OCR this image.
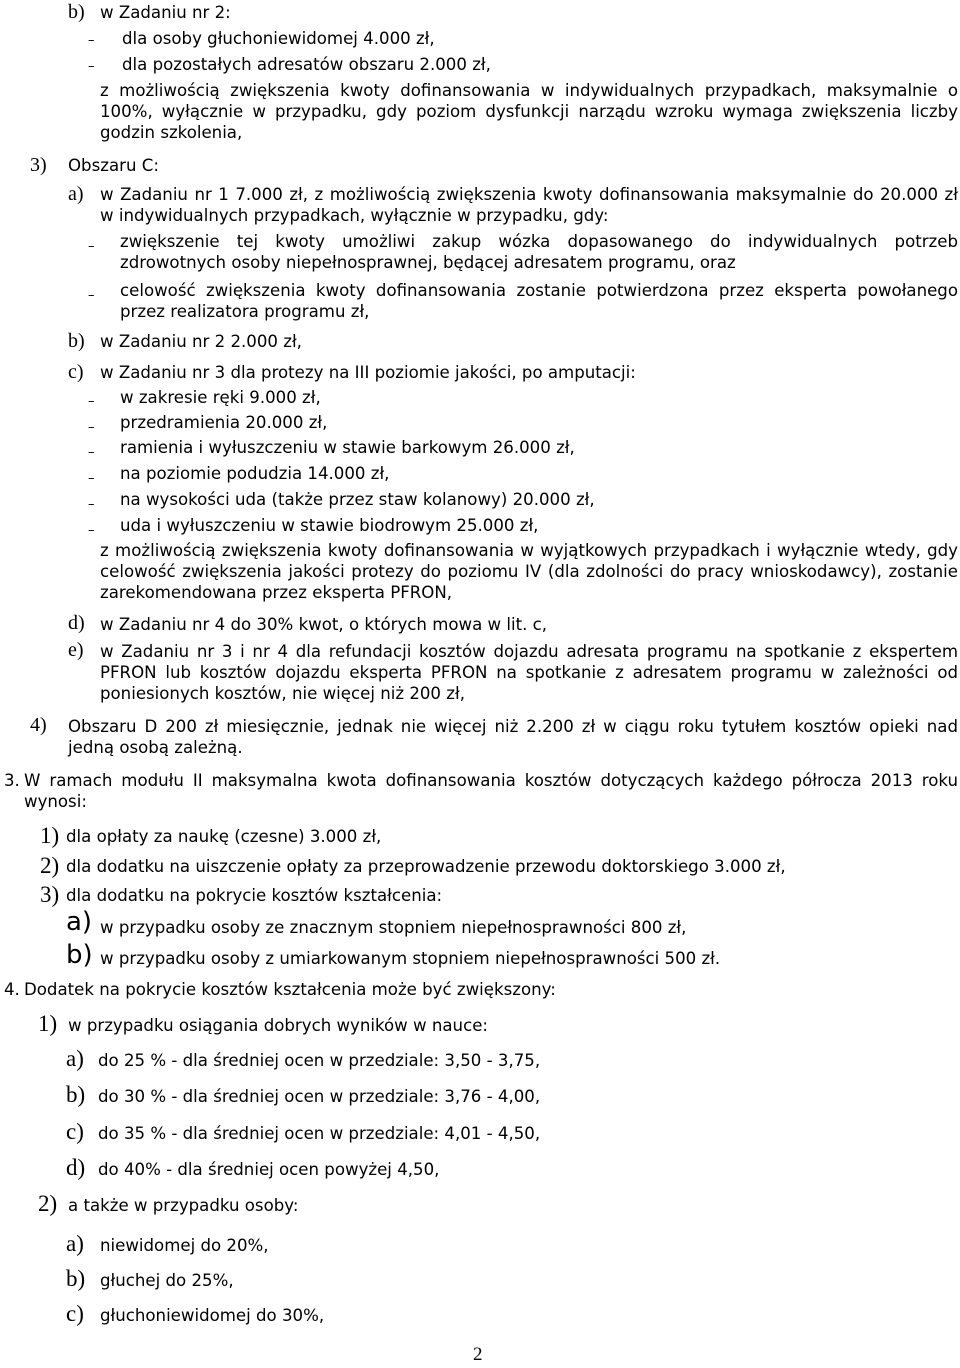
b) w Zadaniu nr 2:
– dla osoby głuchoniewidomej 4.000 zł,
– dla pozostałych adresatów obszaru 2.000 zł,
z możliwością zwiększenia kwoty dofinansowania w indywidualnych przypadkach, maksymalnie o 100%, wyłącznie w przypadku, gdy poziom dysfunkcji narządu wzroku wymaga zwiększenia liczby godzin szkolenia,
3) Obszaru C:
a) w Zadaniu nr 1 7.000 zł, z możliwością zwiększenia kwoty dofinansowania maksymalnie do 20.000 zł w indywidualnych przypadkach, wyłącznie w przypadku, gdy:
– zwiększenie tej kwoty umożliwi zakup wózka dopasowanego do indywidualnych potrzeb zdrowotnych osoby niepełnosprawnej, będącej adresatem programu, oraz
– celowość zwiększenia kwoty dofinansowania zostanie potwierdzona przez eksperta powołanego przez realizatora programu zł,
b) w Zadaniu nr 2 2.000 zł,
c) w Zadaniu nr 3 dla protezy na III poziomie jakości, po amputacji:
– w zakresie ręki 9.000 zł,
– przedramienia 20.000 zł,
– ramienia i wyłuszczeniu w stawie barkowym 26.000 zł,
– na poziomie podudzia 14.000 zł,
– na wysokości uda (także przez staw kolanowy) 20.000 zł,
– uda i wyłuszczeniu w stawie biodrowym 25.000 zł,
z możliwością zwiększenia kwoty dofinansowania w wyjątkowych przypadkach i wyłącznie wtedy, gdy celowość zwiększenia jakości protezy do poziomu IV (dla zdolności do pracy wnioskodawcy), zostanie zarekomendowana przez eksperta PFRON,
d) w Zadaniu nr 4 do 30% kwot, o których mowa w lit. c,
e) w Zadaniu nr 3 i nr 4 dla refundacji kosztów dojazdu adresata programu na spotkanie z ekspertem PFRON lub kosztów dojazdu eksperta PFRON na spotkanie z adresatem programu w zależności od poniesionych kosztów, nie więcej niż 200 zł,
4) Obszaru D 200 zł miesięcznie, jednak nie więcej niż 2.200 zł w ciągu roku tytułem kosztów opieki nad jedną osobą zależną.
3. W ramach modułu II maksymalna kwota dofinansowania kosztów dotyczących każdego półrocza 2013 roku wynosi:
1) dla opłaty za naukę (czesne) 3.000 zł,
2) dla dodatku na uiszczenie opłaty za przeprowadzenie przewodu doktorskiego 3.000 zł,
3) dla dodatku na pokrycie kosztów kształcenia:
a) w przypadku osoby ze znacznym stopniem niepełnosprawności 800 zł,
b) w przypadku osoby z umiarkowanym stopniem niepełnosprawności 500 zł.
4. Dodatek na pokrycie kosztów kształcenia może być zwiększony:
1) w przypadku osiągania dobrych wyników w nauce:
a) do 25 % - dla średniej ocen w przedziale: 3,50 - 3,75,
b) do 30 % - dla średniej ocen w przedziale: 3,76 - 4,00,
c) do 35 % - dla średniej ocen w przedziale: 4,01 - 4,50,
d) do 40% - dla średniej ocen powyżej 4,50,
2) a także w przypadku osoby:
a) niewidomej do 20%,
b) głuchej do 25%,
c) głuchoniewidomej do 30%,
2
